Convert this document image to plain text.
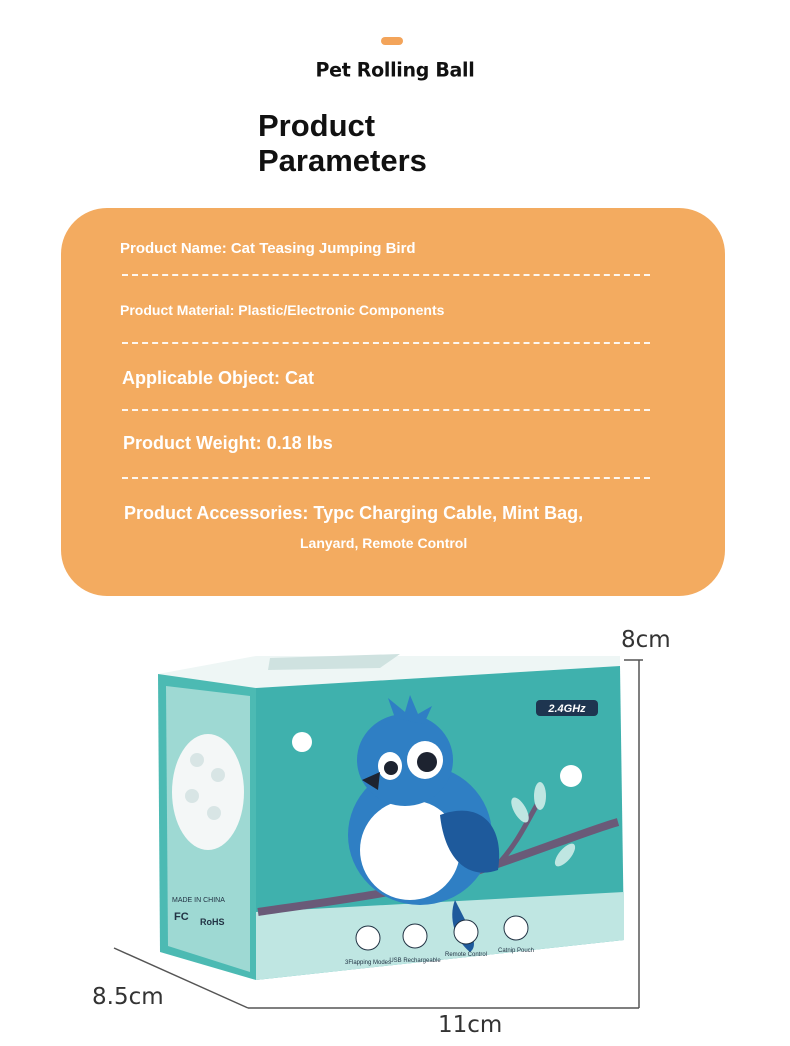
Pet Rolling Ball
Product
Parameters
Product Name: Cat Teasing Jumping Bird
Product Material: Plastic/Electronic Components
Applicable Object: Cat
Product Weight: 0.18 lbs
Product Accessories: Typc Charging Cable, Mint Bag,
Lanyard, Remote Control
MADE IN CHINA
RoHS
FC
2.4GHz
3Flapping Modes
USB Rechargeable
Remote Control
Catnip Pouch
8cm
8.5cm
11cm
